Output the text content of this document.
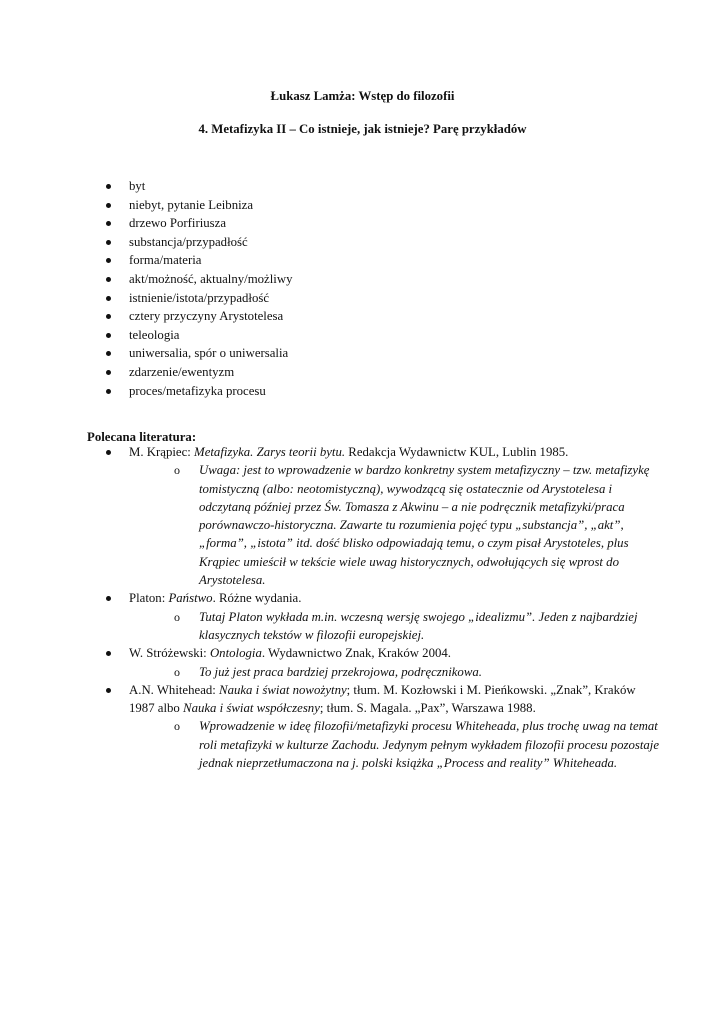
Łukasz Lamża: Wstęp do filozofii
4. Metafizyka II – Co istnieje, jak istnieje? Parę przykładów
byt
niebyt, pytanie Leibniza
drzewo Porfiriusza
substancja/przypadłość
forma/materia
akt/możność, aktualny/możliwy
istnienie/istota/przypadłość
cztery przyczyny Arystotelesa
teleologia
uniwersalia, spór o uniwersalia
zdarzenie/ewentyzm
proces/metafizyka procesu
Polecana literatura:
M. Krąpiec: Metafizyka. Zarys teorii bytu. Redakcja Wydawnictw KUL, Lublin 1985.
o Uwaga: jest to wprowadzenie w bardzo konkretny system metafizyczny – tzw. metafizykę tomistyczną (albo: neotomistyczną), wywodzącą się ostatecznie od Arystotelesa i odczytaną później przez Św. Tomasza z Akwinu – a nie podręcznik metafizyki/praca porównawczo-historyczna. Zawarte tu rozumienia pojęć typu „substancja”, „akt”, „forma”, „istota” itd. dość blisko odpowiadają temu, o czym pisał Arystoteles, plus Krąpiec umieścił w tekście wiele uwag historycznych, odwołujących się wprost do Arystotelesa.
Platon: Państwo. Różne wydania.
o Tutaj Platon wykłada m.in. wczesną wersję swojego „idealizmu”. Jeden z najbardziej klasycznych tekstów w filozofii europejskiej.
W. Stróżewski: Ontologia. Wydawnictwo Znak, Kraków 2004.
o To już jest praca bardziej przekrojowa, podręcznikowa.
A.N. Whitehead: Nauka i świat nowożytny; tłum. M. Kozłowski i M. Pieńkowski. „Znak”, Kraków 1987 albo Nauka i świat współczesny; tłum. S. Magala. „Pax”, Warszawa 1988.
o Wprowadzenie w ideę filozofii/metafizyki procesu Whiteheada, plus trochę uwag na temat roli metafizyki w kulturze Zachodu. Jedynym pełnym wykładem filozofii procesu pozostaje jednak nieprzetłumaczona na j. polski książka „Process and reality” Whiteheada.
